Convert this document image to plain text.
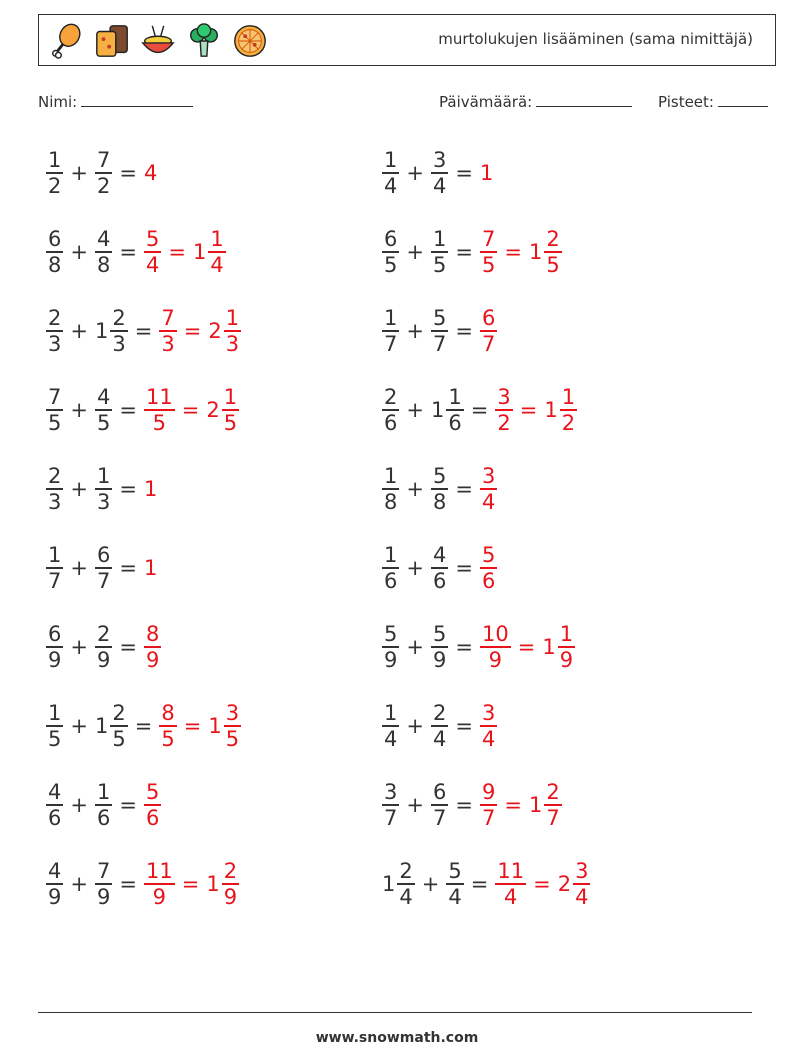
murtolukujen lisääminen (sama nimittäjä)
Nimi:	Päivämäärä:	Pisteet:
$\frac{1}{2} + \frac{7}{2} = 4$	$\frac{1}{4} + \frac{3}{4} = 1$
$\frac{6}{8} + \frac{4}{8} = \frac{5}{4} = 1 \frac{1}{4}$	$\frac{6}{5} + \frac{1}{5} = \frac{7}{5} = 1 \frac{2}{5}$
$\frac{2}{3} + 1 \frac{2}{3} = \frac{7}{3} = 2 \frac{1}{3}$	$\frac{1}{7} + \frac{5}{7} = \frac{6}{7}$
$\frac{7}{5} + \frac{4}{5} = \frac{11}{5} = 2 \frac{1}{5}$	$\frac{2}{6} + 1 \frac{1}{6} = \frac{3}{2} = 1 \frac{1}{2}$
$\frac{2}{3} + \frac{1}{3} = 1$	$\frac{1}{8} + \frac{5}{8} = \frac{3}{4}$
$\frac{1}{7} + \frac{6}{7} = 1$	$\frac{1}{6} + \frac{4}{6} = \frac{5}{6}$
$\frac{6}{9} + \frac{2}{9} = \frac{8}{9}$	$\frac{5}{9} + \frac{5}{9} = \frac{10}{9} = 1 \frac{1}{9}$
$\frac{1}{5} + 1 \frac{2}{5} = \frac{8}{5} = 1 \frac{3}{5}$	$\frac{1}{4} + \frac{2}{4} = \frac{3}{4}$
$\frac{4}{6} + \frac{1}{6} = \frac{5}{6}$	$\frac{3}{7} + \frac{6}{7} = \frac{9}{7} = 1 \frac{2}{7}$
$\frac{4}{9} + \frac{7}{9} = \frac{11}{9} = 1 \frac{2}{9}$	$1 \frac{2}{4} + \frac{5}{4} = \frac{11}{4} = 2 \frac{3}{4}$
www.snowmath.com
